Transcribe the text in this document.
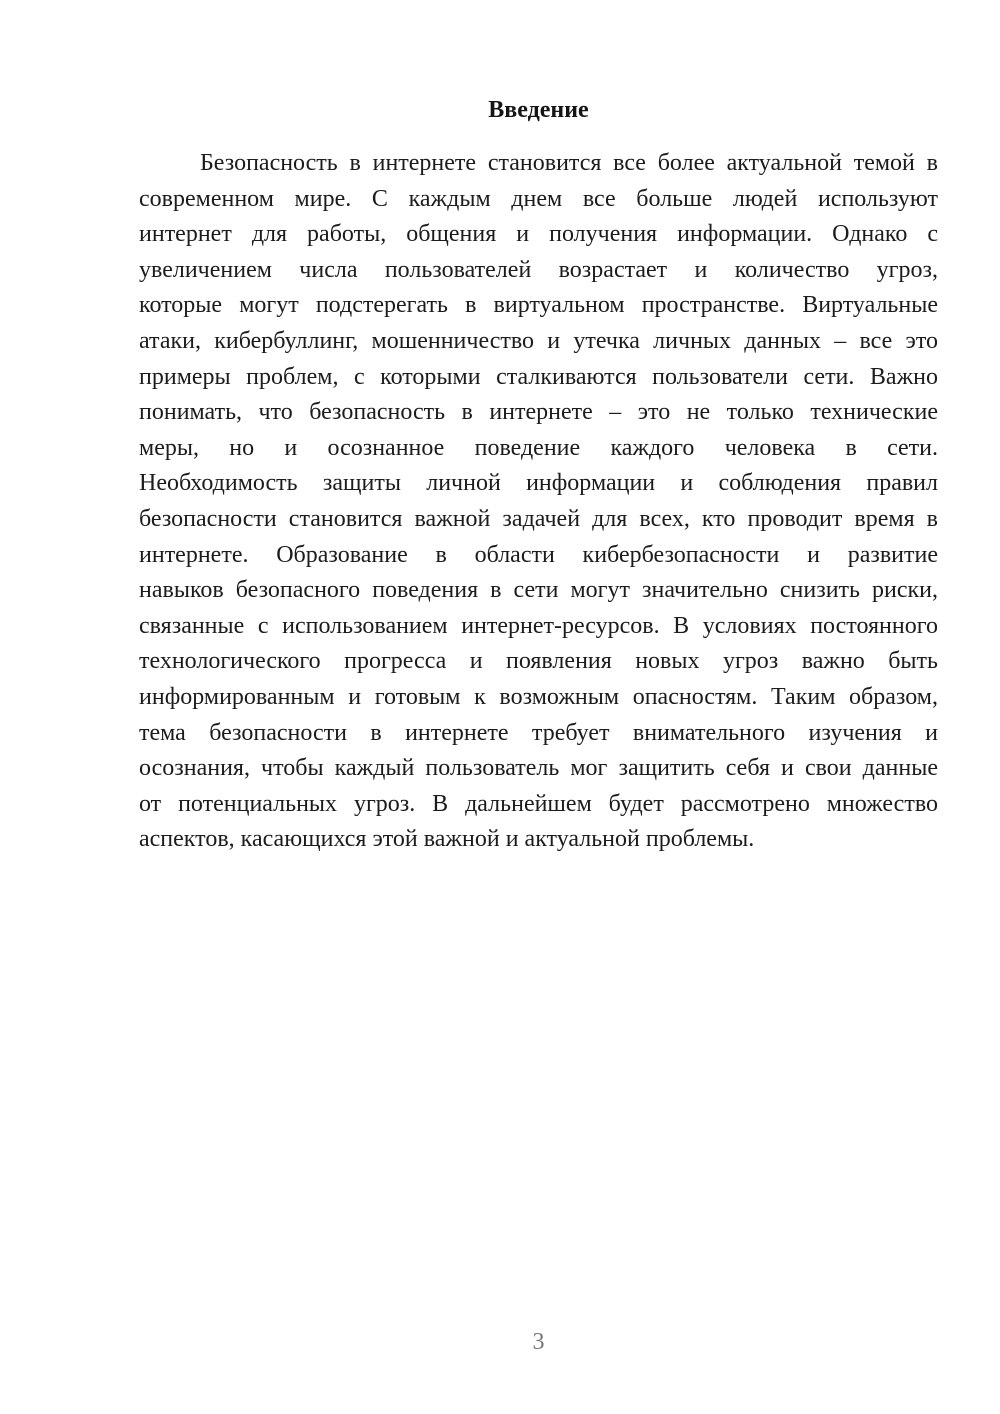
Введение
Безопасность в интернете становится все более актуальной темой в
современном мире. С каждым днем все больше людей используют
интернет для работы, общения и получения информации. Однако с
увеличением числа пользователей возрастает и количество угроз,
которые могут подстерегать в виртуальном пространстве. Виртуальные
атаки, кибербуллинг, мошенничество и утечка личных данных – все это
примеры проблем, с которыми сталкиваются пользователи сети. Важно
понимать, что безопасность в интернете – это не только технические
меры, но и осознанное поведение каждого человека в сети.
Необходимость защиты личной информации и соблюдения правил
безопасности становится важной задачей для всех, кто проводит время в
интернете. Образование в области кибербезопасности и развитие
навыков безопасного поведения в сети могут значительно снизить риски,
связанные с использованием интернет-ресурсов. В условиях постоянного
технологического прогресса и появления новых угроз важно быть
информированным и готовым к возможным опасностям. Таким образом,
тема безопасности в интернете требует внимательного изучения и
осознания, чтобы каждый пользователь мог защитить себя и свои данные
от потенциальных угроз. В дальнейшем будет рассмотрено множество
аспектов, касающихся этой важной и актуальной проблемы.
3
